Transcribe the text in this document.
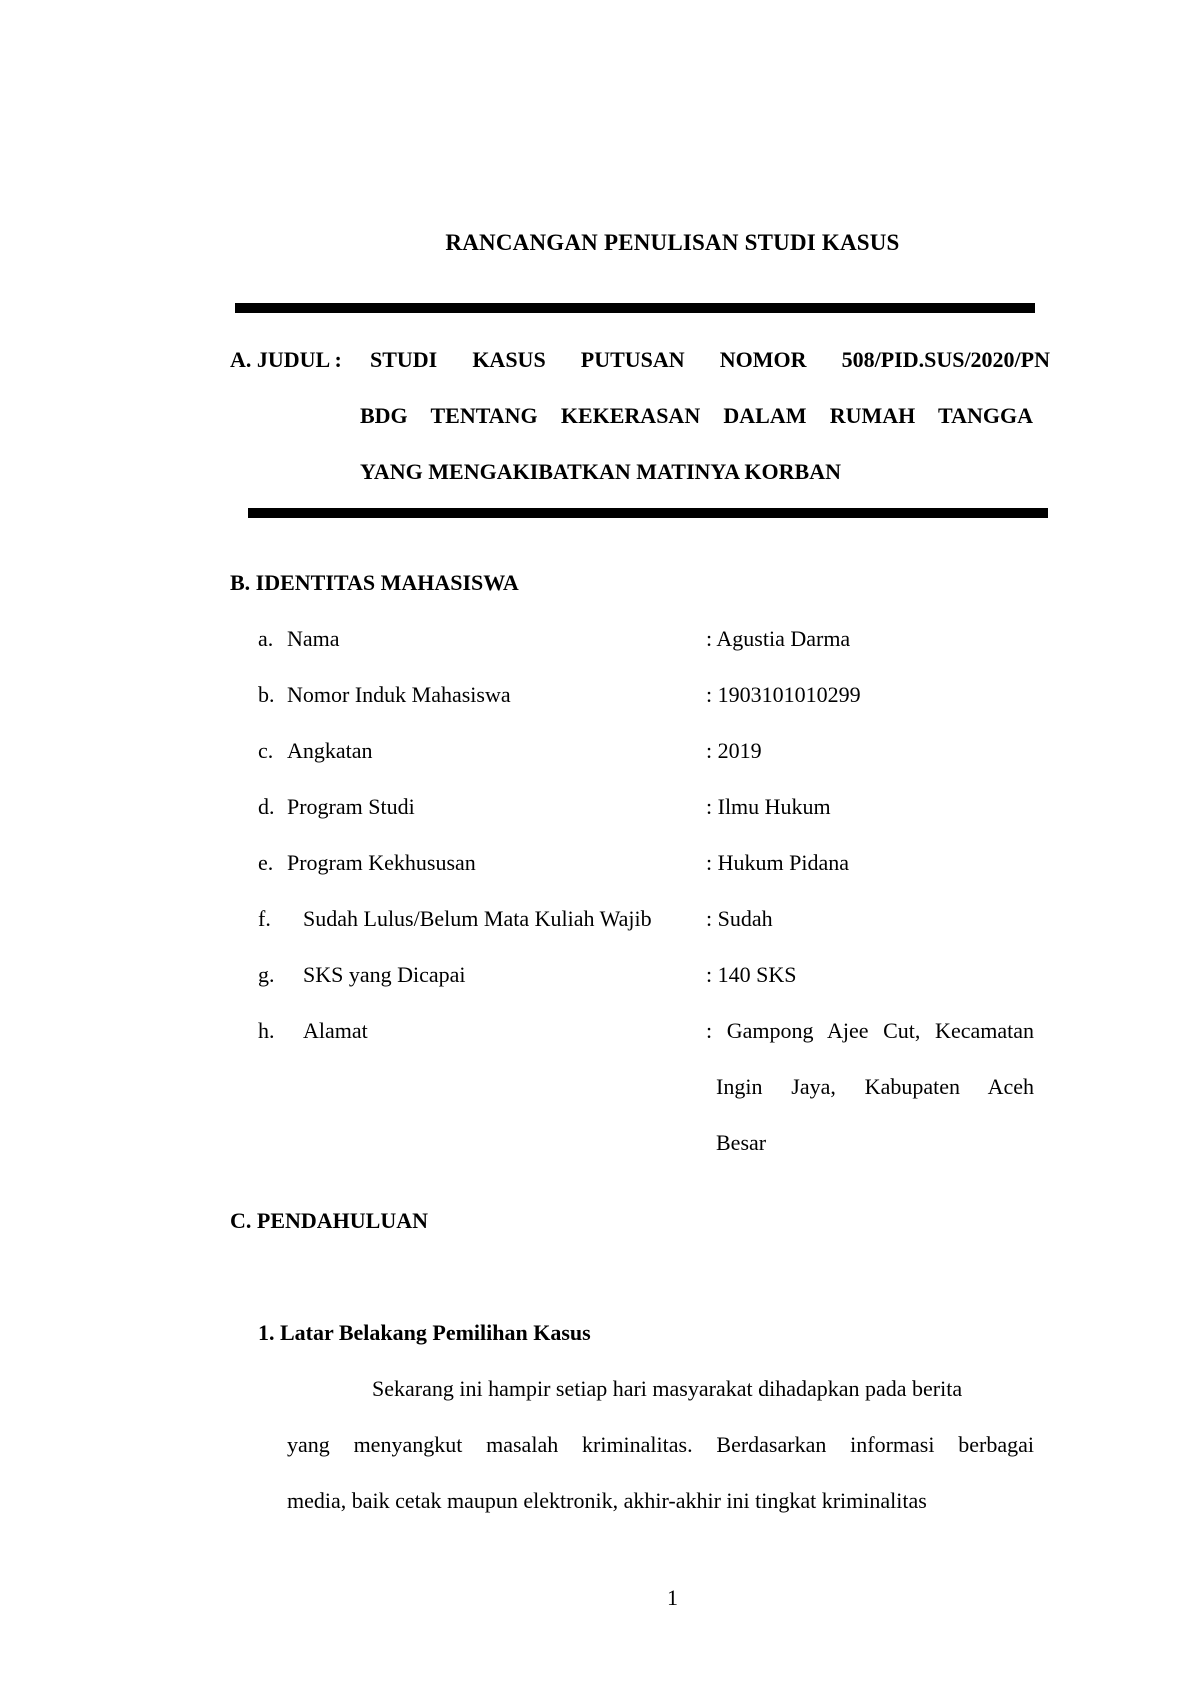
RANCANGAN PENULISAN STUDI KASUS
A. JUDUL : STUDI KASUS PUTUSAN NOMOR 508/PID.SUS/2020/PN
BDG TENTANG KEKERASAN DALAM RUMAH TANGGA
YANG MENGAKIBATKAN MATINYA KORBAN
B. IDENTITAS MAHASISWA
a. Nama	: Agustia Darma
b. Nomor Induk Mahasiswa	: 1903101010299
c. Angkatan	: 2019
d. Program Studi	: Ilmu Hukum
e. Program Kekhususan	: Hukum Pidana
f. Sudah Lulus/Belum Mata Kuliah Wajib : Sudah
g. SKS yang Dicapai	: 140 SKS
h. Alamat	: Gampong Ajee Cut, Kecamatan
Ingin Jaya, Kabupaten Aceh
Besar
C. PENDAHULUAN
1. Latar Belakang Pemilihan Kasus
Sekarang ini hampir setiap hari masyarakat dihadapkan pada berita
yang menyangkut masalah kriminalitas. Berdasarkan informasi berbagai
media, baik cetak maupun elektronik, akhir-akhir ini tingkat kriminalitas
1
